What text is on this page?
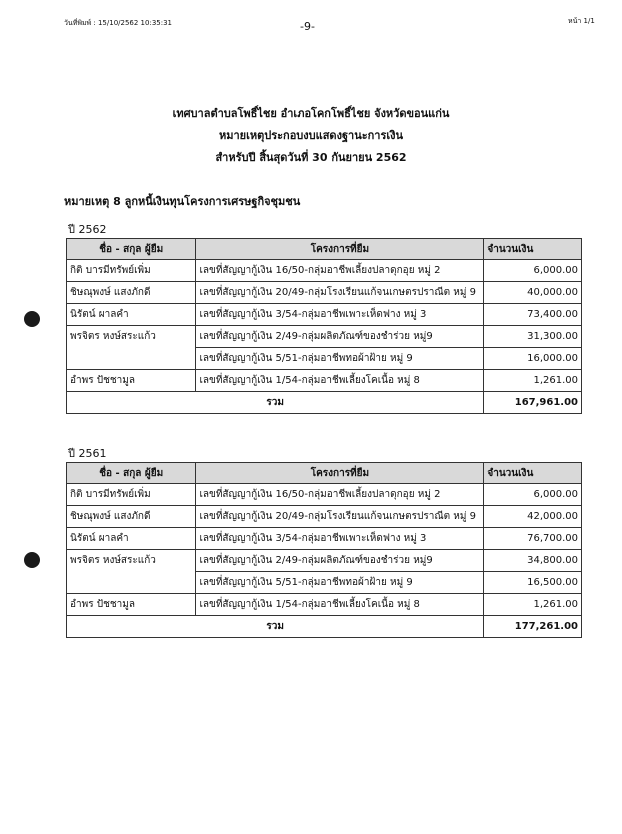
วันที่พิมพ์ : 15/10/2562 10:35:31	-9-	หน้า 1/1
เทศบาลตำบลโพธิ์ไชย อำเภอโคกโพธิ์ไชย จังหวัดขอนแก่น
หมายเหตุประกอบงบแสดงฐานะการเงิน
สำหรับปี สิ้นสุดวันที่ 30 กันยายน 2562
หมายเหตุ 8 ลูกหนี้เงินทุนโครงการเศรษฐกิจชุมชน
ปี 2562
ชื่อ - สกุล ผู้ยืม	โครงการที่ยืม	จำนวนเงิน
กิติ บารมีทรัพย์เพิ่ม	เลขที่สัญญากู้เงิน 16/50-กลุ่มอาชีพเลี้ยงปลาดุกอุย หมู่ 2	6,000.00
ชิษณุพงษ์ แสงภักดี	เลขที่สัญญากู้เงิน 20/49-กลุ่มโรงเรียนแก้จนเกษตรปราณีต หมู่ 9	40,000.00
นิรัตน์ ผาลคำ	เลขที่สัญญากู้เงิน 3/54-กลุ่มอาชีพเพาะเห็ดฟาง หมู่ 3	73,400.00
พรจิตร หงษ์สระแก้ว	เลขที่สัญญากู้เงิน 2/49-กลุ่มผลิตภัณฑ์ของชำร่วย หมู่9	31,300.00
	เลขที่สัญญากู้เงิน 5/51-กลุ่มอาชีพทอผ้าฝ้าย หมู่ 9	16,000.00
อำพร ปัชชามูล	เลขที่สัญญากู้เงิน 1/54-กลุ่มอาชีพเลี้ยงโคเนื้อ หมู่ 8	1,261.00
รวม		167,961.00
ปี 2561
ชื่อ - สกุล ผู้ยืม	โครงการที่ยืม	จำนวนเงิน
กิติ บารมีทรัพย์เพิ่ม	เลขที่สัญญากู้เงิน 16/50-กลุ่มอาชีพเลี้ยงปลาดุกอุย หมู่ 2	6,000.00
ชิษณุพงษ์ แสงภักดี	เลขที่สัญญากู้เงิน 20/49-กลุ่มโรงเรียนแก้จนเกษตรปราณีต หมู่ 9	42,000.00
นิรัตน์ ผาลคำ	เลขที่สัญญากู้เงิน 3/54-กลุ่มอาชีพเพาะเห็ดฟาง หมู่ 3	76,700.00
พรจิตร หงษ์สระแก้ว	เลขที่สัญญากู้เงิน 2/49-กลุ่มผลิตภัณฑ์ของชำร่วย หมู่9	34,800.00
	เลขที่สัญญากู้เงิน 5/51-กลุ่มอาชีพทอผ้าฝ้าย หมู่ 9	16,500.00
อำพร ปัชชามูล	เลขที่สัญญากู้เงิน 1/54-กลุ่มอาชีพเลี้ยงโคเนื้อ หมู่ 8	1,261.00
รวม		177,261.00
